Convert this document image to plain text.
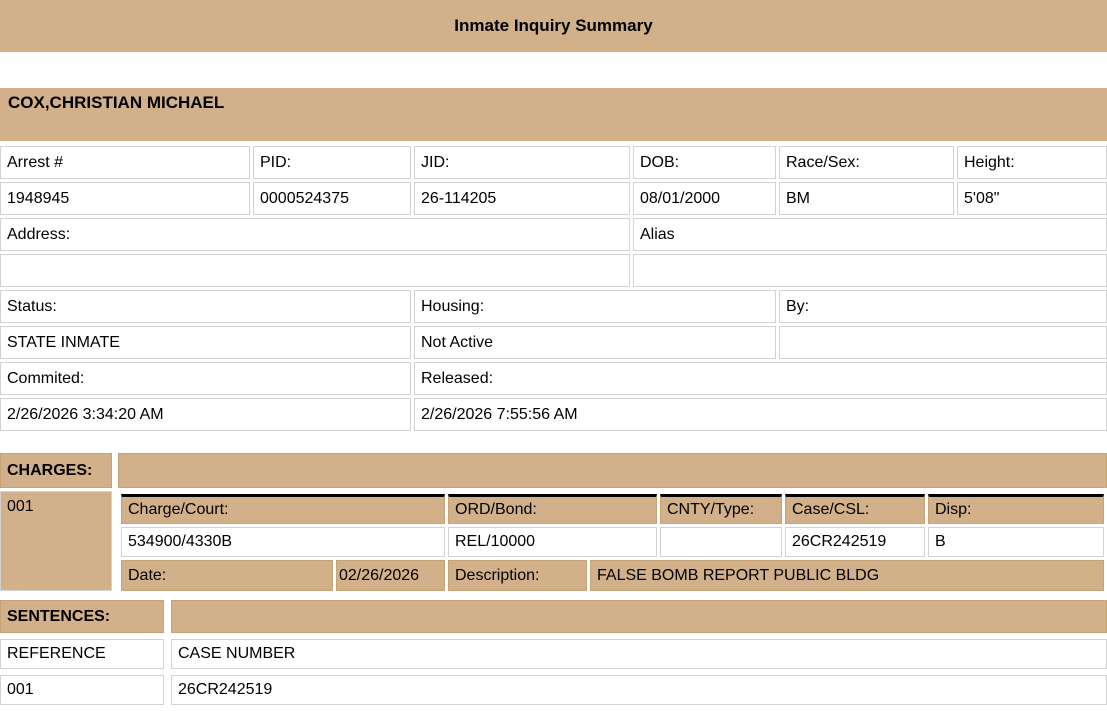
Inmate Inquiry Summary
COX,CHRISTIAN MICHAEL
Arrest #	PID:	JID:	DOB:	Race/Sex:	Height:
1948945	0000524375	26-114205	08/01/2000	BM	5'08"
Address:			Alias		

Status:		Housing:		By:	
STATE INMATE		Not Active			
Commited:		Released:			
2/26/2026 3:34:20 AM		2/26/2026 7:55:56 AM			
CHARGES:	
001		Charge/Court:	ORD/Bond:	CNTY/Type:	Case/CSL:	Disp:
534900/4330B	REL/10000		26CR242519	B
Date:	02/26/2026	Description:	FALSE BOMB REPORT PUBLIC BLDG
SENTENCES:	
REFERENCE	CASE NUMBER
001	26CR242519
